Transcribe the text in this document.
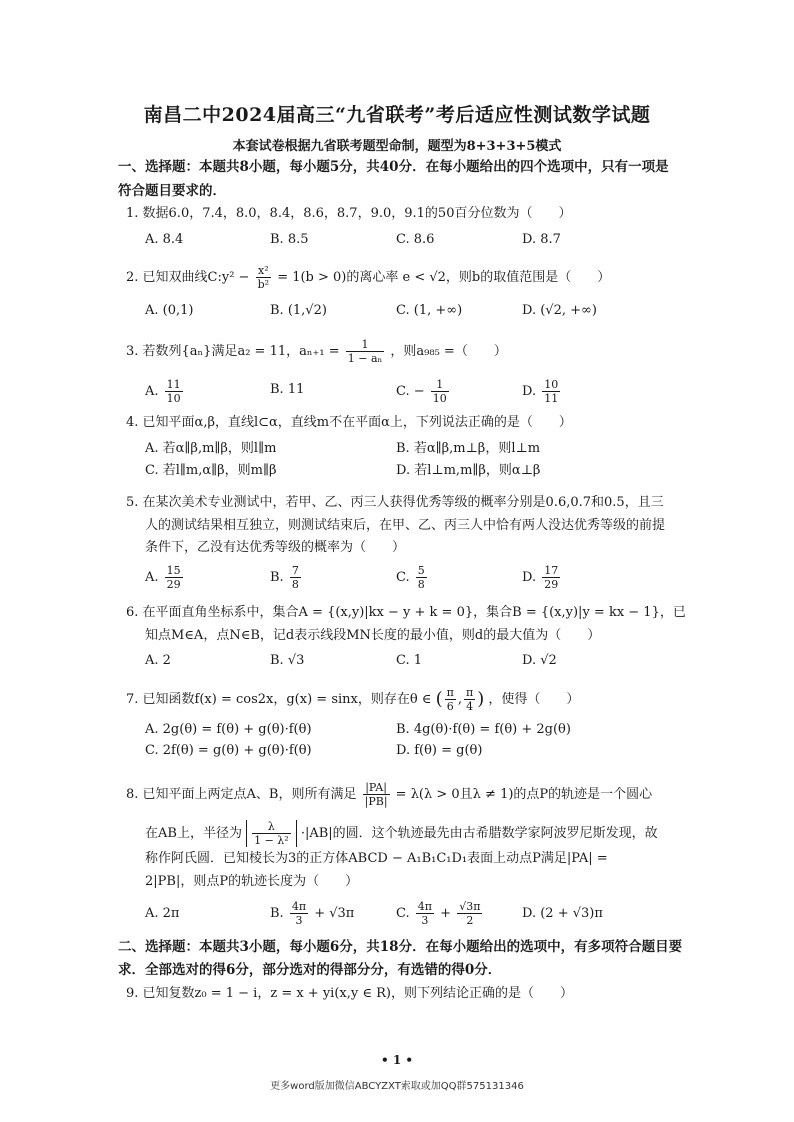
南昌二中2024届高三“九省联考”考后适应性测试数学试题
本套试卷根据九省联考题型命制，题型为8+3+3+5模式
一、选择题：本题共8小题，每小题5分，共40分．在每小题给出的四个选项中，只有一项是
符合题目要求的．
1. 数据6.0，7.4，8.0，8.4，8.6，8.7，9.0，9.1的50百分位数为（　　）
A. 8.4	B. 8.5	C. 8.6	D. 8.7
2. 已知双曲线C:y² − $\frac{\text{x²}}{\text{b²}} = 1(b > 0)$的离心率 e < √2，则b的取值范围是（　　）
A. (0,1)	B. (1,√2)	C. (1, +∞)	D. (√2, +∞)
3. 若数列{aₙ}满足a₂ = 11，$a_{n+1} = \frac{1}{\text{1 − aₙ}}$ ，则a₉₈₅ =（　　）
A. $\frac{11}{10}$	B. 11	C. − $\frac{1}{10}$	D. $\frac{10}{11}$
4. 已知平面α,β，直线l⊂α，直线m不在平面α上，下列说法正确的是（　　）
A. 若α∥β,m∥β，则l∥m	B. 若α∥β,m⊥β，则l⊥m
C. 若l∥m,α∥β，则m∥β	D. 若l⊥m,m∥β，则α⊥β
5. 在某次美术专业测试中，若甲、乙、丙三人获得优秀等级的概率分别是0.6,0.7和0.5，且三
人的测试结果相互独立，则测试结束后，在甲、乙、丙三人中恰有两人没达优秀等级的前提
条件下，乙没有达优秀等级的概率为（　　）
A. $\frac{15}{29}$	B. $\frac{7}{8}$	C. $\frac{5}{8}$	D. $\frac{17}{29}$
6. 在平面直角坐标系中，集合A = {(x,y)|kx − y + k = 0}，集合B = {(x,y)|y = kx − 1}，已
知点M∈A，点N∈B，记d表示线段MN长度的最小值，则d的最大值为（　　）
A. 2	B. √3	C. 1	D. √2
7. 已知函数f(x) = cos2x，g(x) = sinx，则存在θ ∈ ( $\frac{\pi}{6}$ , $\frac{\pi}{4}$ ) ，使得（　　）
A. 2g(θ) = f(θ) + g(θ)·f(θ)	B. 4g(θ)·f(θ) = f(θ) + 2g(θ)
C. 2f(θ) = g(θ) + g(θ)·f(θ)	D. f(θ) = g(θ)
8. 已知平面上两定点A、B，则所有满足 $\frac{|PA|}{|PB|} = \lambda(\lambda > 0$且λ ≠ 1)的点P的轨迹是一个圆心
在AB上，半径为 $\frac{\lambda}{\text{1 − λ²}} \cdot|AB|$的圆．这个轨迹最先由古希腊数学家阿波罗尼斯发现，故
称作阿氏圆．已知棱长为3的正方体ABCD − A₁B₁C₁D₁表面上动点P满足|PA| =
2|PB|，则点P的轨迹长度为（　　）
A. 2π	B. $\frac{4\pi}{3} + √3\pi$	C. $\frac{4\pi}{3} + \frac{√3\pi}{2}$	D. (2 + √3)π
二、选择题：本题共3小题，每小题6分，共18分．在每小题给出的选项中，有多项符合题目要
求．全部选对的得6分，部分选对的得部分分，有选错的得0分．
9. 已知复数z₀ = 1 − i，z = x + yi(x,y ∈ R)，则下列结论正确的是（　　）
• 1 •
更多word版加微信ABCYZXT索取或加QQ群575131346
